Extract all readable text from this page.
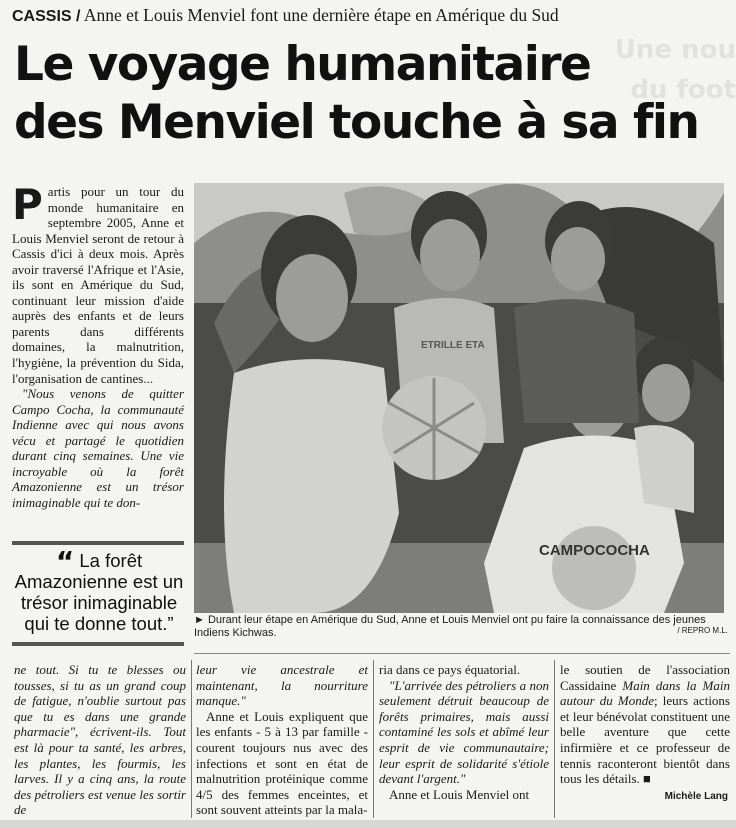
CASSIS / Anne et Louis Menviel font une dernière étape en Amérique du Sud
Une nou
du foot
Le voyage humanitaire
des Menviel touche à sa fin
P artis pour un tour du monde humanitaire en septembre 2005, Anne et Louis Menviel seront de retour à Cassis d'ici à deux mois. Après avoir traversé l'Afrique et l'Asie, ils sont en Amérique du Sud, continuant leur mission d'aide auprès des enfants et de leurs parents dans différents domaines, la malnutrition, l'hygiène, la prévention du Sida, l'organisation de cantines...

"Nous venons de quitter Campo Cocha, la communauté Indienne avec qui nous avons vécu et partagé le quotidien durant cinq semaines. Une vie incroyable où la forêt Amazonienne est un trésor inimaginable qui te don-

“ La forêt Amazonienne est un trésor inimaginable qui te donne tout.”
ETRILLE ETA
CAMPOCOCHA
► Durant leur étape en Amérique du Sud, Anne et Louis Menviel ont pu faire la connaissance des jeunes Indiens Kichwas.	/ REPRO M.L.

ne tout. Si tu te blesses ou tousses, si tu as un grand coup de fatigue, n'oublie surtout pas que tu es dans une grande pharmacie", écrivent-ils. Tout est là pour ta santé, les arbres, les plantes, les fourmis, les larves. Il y a cinq ans, la route des pétroliers est venue les sortir de

leur vie ancestrale et maintenant, la nourriture manque."

Anne et Louis expliquent que les enfants - 5 à 13 par famille - courent toujours nus avec des infections et sont en état de malnutrition protéinique comme 4/5 des femmes enceintes, et sont souvent atteints par la mala-

ria dans ce pays équatorial.

"L'arrivée des pétroliers a non seulement détruit beaucoup de forêts primaires, mais aussi contaminé les sols et abîmé leur esprit de vie communautaire; leur esprit de solidarité s'étiole devant l'argent."

Anne et Louis Menviel ont

le soutien de l'association Cassidaine Main dans la Main autour du Monde; leurs actions et leur bénévolat constituent une belle aventure que cette infirmière et ce professeur de tennis raconteront bientôt dans tous les détails. ■

Michèle Lang
